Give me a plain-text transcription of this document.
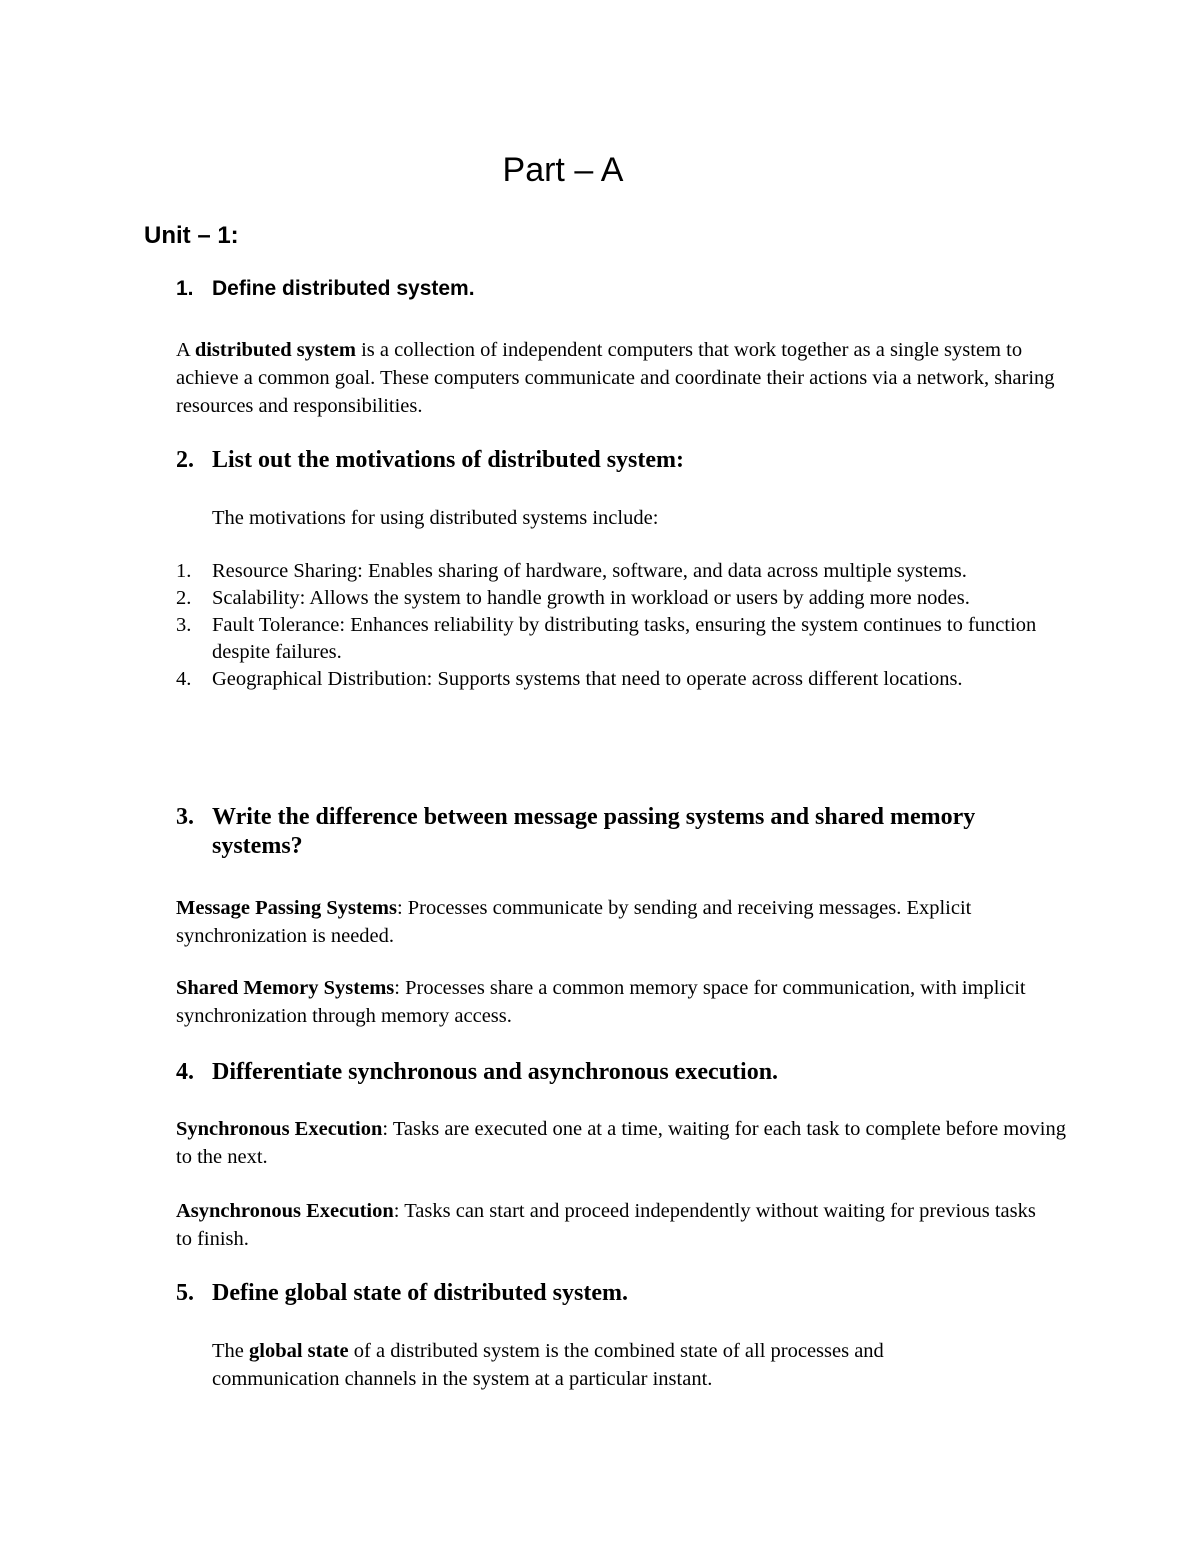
Part – A
Unit – 1:
1. Define distributed system.
A distributed system is a collection of independent computers that work together as a single system to achieve a common goal. These computers communicate and coordinate their actions via a network, sharing resources and responsibilities.
2. List out the motivations of distributed system:
The motivations for using distributed systems include:
1. Resource Sharing: Enables sharing of hardware, software, and data across multiple systems.
2. Scalability: Allows the system to handle growth in workload or users by adding more nodes.
3. Fault Tolerance: Enhances reliability by distributing tasks, ensuring the system continues to function despite failures.
4. Geographical Distribution: Supports systems that need to operate across different locations.
3. Write the difference between message passing systems and shared memory systems?
Message Passing Systems: Processes communicate by sending and receiving messages. Explicit synchronization is needed.
Shared Memory Systems: Processes share a common memory space for communication, with implicit synchronization through memory access.
4. Differentiate synchronous and asynchronous execution.
Synchronous Execution: Tasks are executed one at a time, waiting for each task to complete before moving to the next.
Asynchronous Execution: Tasks can start and proceed independently without waiting for previous tasks to finish.
5. Define global state of distributed system.
The global state of a distributed system is the combined state of all processes and communication channels in the system at a particular instant.
